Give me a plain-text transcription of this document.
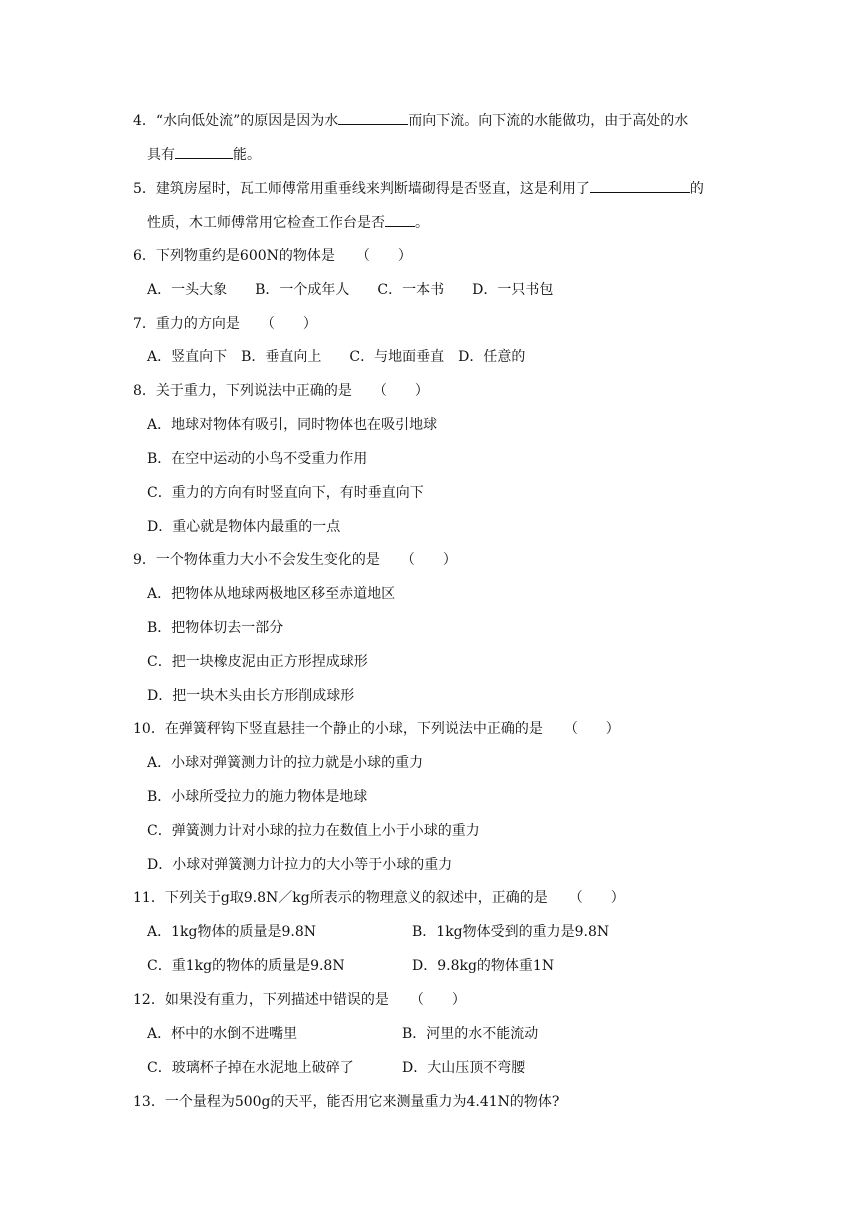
4．“水向低处流”的原因是因为水	而向下流。向下流的水能做功，由于高处的水
具有	能。
5．建筑房屋时，瓦工师傅常用重垂线来判断墙砌得是否竖直，这是利用了	的
性质，木工师傅常用它检查工作台是否 。
6．下列物重约是600N的物体是　　（　　）
A．一头大象　　B．一个成年人　　C．一本书　　D．一只书包
7．重力的方向是　　（　　）
A．竖直向下　B．垂直向上　　C．与地面垂直　D．任意的
8．关于重力，下列说法中正确的是　　（　　）
A．地球对物体有吸引，同时物体也在吸引地球
B．在空中运动的小鸟不受重力作用
C．重力的方向有时竖直向下，有时垂直向下
D．重心就是物体内最重的一点
9．一个物体重力大小不会发生变化的是　　（　　）
A．把物体从地球两极地区移至赤道地区
B．把物体切去一部分
C．把一块橡皮泥由正方形捏成球形
D．把一块木头由长方形削成球形
10．在弹簧秤钩下竖直悬挂一个静止的小球，下列说法中正确的是　　（　　）
A．小球对弹簧测力计的拉力就是小球的重力
B．小球所受拉力的施力物体是地球
C．弹簧测力计对小球的拉力在数值上小于小球的重力
D．小球对弹簧测力计拉力的大小等于小球的重力
11．下列关于g取9.8N／kg所表示的物理意义的叙述中，正确的是　　（　　）
A．1kg物体的质量是9.8N	B．1kg物体受到的重力是9.8N
C．重1kg的物体的质量是9.8N	D．9.8kg的物体重1N
12．如果没有重力，下列描述中错误的是　　（　　）
A．杯中的水倒不进嘴里	B．河里的水不能流动
C．玻璃杯子掉在水泥地上破碎了	D．大山压顶不弯腰
13．一个量程为500g的天平，能否用它来测量重力为4.41N的物体?
